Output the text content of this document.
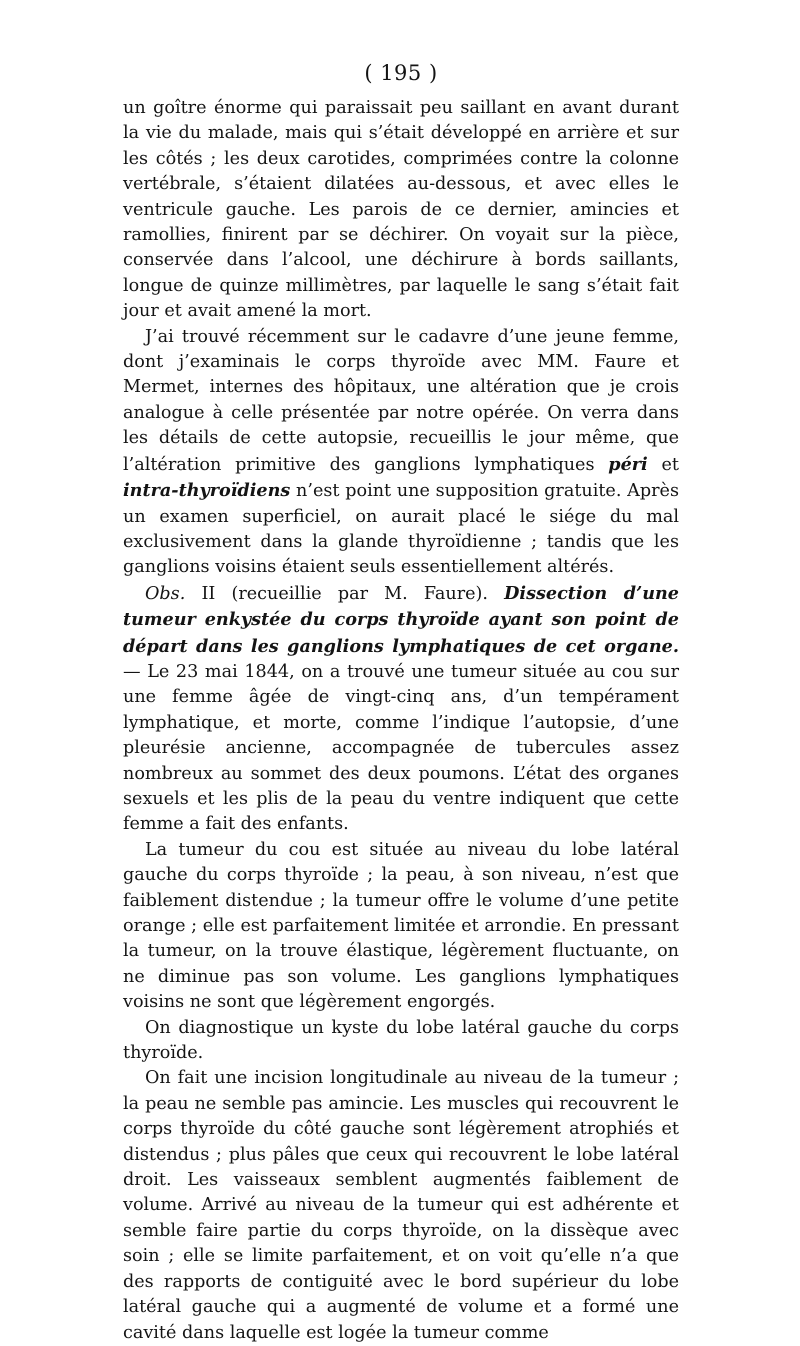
( 195 )

un goître énorme qui paraissait peu saillant en avant durant la vie du malade, mais qui s’était développé en arrière et sur les côtés ; les deux carotides, comprimées contre la colonne vertébrale, s’étaient dilatées au-dessous, et avec elles le ventricule gauche. Les parois de ce dernier, amincies et ramollies, finirent par se déchirer. On voyait sur la pièce, conservée dans l’alcool, une déchirure à bords saillants, longue de quinze millimètres, par laquelle le sang s’était fait jour et avait amené la mort.

J’ai trouvé récemment sur le cadavre d’une jeune femme, dont j’examinais le corps thyroïde avec MM. Faure et Mermet, internes des hôpitaux, une altération que je crois analogue à celle présentée par notre opérée. On verra dans les détails de cette autopsie, recueillis le jour même, que l’altération primitive des ganglions lymphatiques péri et intra-thyroïdiens n’est point une supposition gratuite. Après un examen superficiel, on aurait placé le siége du mal exclusivement dans la glande thyroïdienne ; tandis que les ganglions voisins étaient seuls essentiellement altérés.

Obs. II (recueillie par M. Faure). Dissection d’une tumeur enkystée du corps thyroïde ayant son point de départ dans les ganglions lymphatiques de cet organe. — Le 23 mai 1844, on a trouvé une tumeur située au cou sur une femme âgée de vingt-cinq ans, d’un tempérament lymphatique, et morte, comme l’indique l’autopsie, d’une pleurésie ancienne, accompagnée de tubercules assez nombreux au sommet des deux poumons. L’état des organes sexuels et les plis de la peau du ventre indiquent que cette femme a fait des enfants.

La tumeur du cou est située au niveau du lobe latéral gauche du corps thyroïde ; la peau, à son niveau, n’est que faiblement distendue ; la tumeur offre le volume d’une petite orange ; elle est parfaitement limitée et arrondie. En pressant la tumeur, on la trouve élastique, légèrement fluctuante, on ne diminue pas son volume. Les ganglions lymphatiques voisins ne sont que légèrement engorgés.

On diagnostique un kyste du lobe latéral gauche du corps thyroïde.

On fait une incision longitudinale au niveau de la tumeur ; la peau ne semble pas amincie. Les muscles qui recouvrent le corps thyroïde du côté gauche sont légèrement atrophiés et distendus ; plus pâles que ceux qui recouvrent le lobe latéral droit. Les vaisseaux semblent augmentés faiblement de volume. Arrivé au niveau de la tumeur qui est adhérente et semble faire partie du corps thyroïde, on la dissèque avec soin ; elle se limite parfaitement, et on voit qu’elle n’a que des rapports de contiguité avec le bord supérieur du lobe latéral gauche qui a augmenté de volume et a formé une cavité dans laquelle est logée la tumeur comme
